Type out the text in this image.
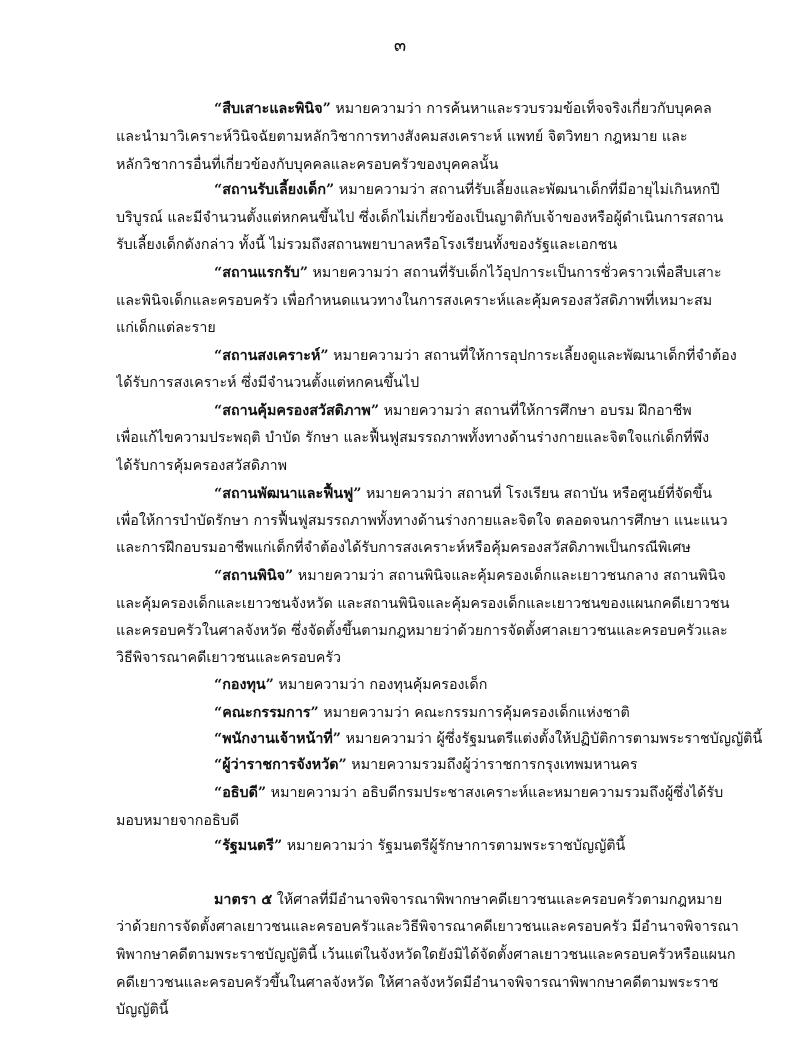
๓
“สืบเสาะและพินิจ” หมายความว่า การค้นหาและรวบรวมข้อเท็จจริงเกี่ยวกับบุคคล
และนำมาวิเคราะห์วินิจฉัยตามหลักวิชาการทางสังคมสงเคราะห์ แพทย์ จิตวิทยา กฎหมาย และ
หลักวิชาการอื่นที่เกี่ยวข้องกับบุคคลและครอบครัวของบุคคลนั้น
“สถานรับเลี้ยงเด็ก” หมายความว่า สถานที่รับเลี้ยงและพัฒนาเด็กที่มีอายุไม่เกินหกปี
บริบูรณ์ และมีจำนวนตั้งแต่หกคนขึ้นไป ซึ่งเด็กไม่เกี่ยวข้องเป็นญาติกับเจ้าของหรือผู้ดำเนินการสถาน
รับเลี้ยงเด็กดังกล่าว ทั้งนี้ ไม่รวมถึงสถานพยาบาลหรือโรงเรียนทั้งของรัฐและเอกชน
“สถานแรกรับ” หมายความว่า สถานที่รับเด็กไว้อุปการะเป็นการชั่วคราวเพื่อสืบเสาะ
และพินิจเด็กและครอบครัว เพื่อกำหนดแนวทางในการสงเคราะห์และคุ้มครองสวัสดิภาพที่เหมาะสม
แก่เด็กแต่ละราย
“สถานสงเคราะห์” หมายความว่า สถานที่ให้การอุปการะเลี้ยงดูและพัฒนาเด็กที่จำต้อง
ได้รับการสงเคราะห์ ซึ่งมีจำนวนตั้งแต่หกคนขึ้นไป
“สถานคุ้มครองสวัสดิภาพ” หมายความว่า สถานที่ให้การศึกษา อบรม ฝึกอาชีพ
เพื่อแก้ไขความประพฤติ บำบัด รักษา และฟื้นฟูสมรรถภาพทั้งทางด้านร่างกายและจิตใจแก่เด็กที่พึง
ได้รับการคุ้มครองสวัสดิภาพ
“สถานพัฒนาและฟื้นฟู” หมายความว่า สถานที่ โรงเรียน สถาบัน หรือศูนย์ที่จัดขึ้น
เพื่อให้การบำบัดรักษา การฟื้นฟูสมรรถภาพทั้งทางด้านร่างกายและจิตใจ ตลอดจนการศึกษา แนะแนว
และการฝึกอบรมอาชีพแก่เด็กที่จำต้องได้รับการสงเคราะห์หรือคุ้มครองสวัสดิภาพเป็นกรณีพิเศษ
“สถานพินิจ” หมายความว่า สถานพินิจและคุ้มครองเด็กและเยาวชนกลาง สถานพินิจ
และคุ้มครองเด็กและเยาวชนจังหวัด และสถานพินิจและคุ้มครองเด็กและเยาวชนของแผนกคดีเยาวชน
และครอบครัวในศาลจังหวัด ซึ่งจัดตั้งขึ้นตามกฎหมายว่าด้วยการจัดตั้งศาลเยาวชนและครอบครัวและ
วิธีพิจารณาคดีเยาวชนและครอบครัว
“กองทุน” หมายความว่า กองทุนคุ้มครองเด็ก
“คณะกรรมการ” หมายความว่า คณะกรรมการคุ้มครองเด็กแห่งชาติ
“พนักงานเจ้าหน้าที่” หมายความว่า ผู้ซึ่งรัฐมนตรีแต่งตั้งให้ปฏิบัติการตามพระราชบัญญัตินี้
“ผู้ว่าราชการจังหวัด” หมายความรวมถึงผู้ว่าราชการกรุงเทพมหานคร
“อธิบดี” หมายความว่า อธิบดีกรมประชาสงเคราะห์และหมายความรวมถึงผู้ซึ่งได้รับ
มอบหมายจากอธิบดี
“รัฐมนตรี” หมายความว่า รัฐมนตรีผู้รักษาการตามพระราชบัญญัตินี้
มาตรา ๕ ให้ศาลที่มีอำนาจพิจารณาพิพากษาคดีเยาวชนและครอบครัวตามกฎหมาย
ว่าด้วยการจัดตั้งศาลเยาวชนและครอบครัวและวิธีพิจารณาคดีเยาวชนและครอบครัว มีอำนาจพิจารณา
พิพากษาคดีตามพระราชบัญญัตินี้ เว้นแต่ในจังหวัดใดยังมิได้จัดตั้งศาลเยาวชนและครอบครัวหรือแผนก
คดีเยาวชนและครอบครัวขึ้นในศาลจังหวัด ให้ศาลจังหวัดมีอำนาจพิจารณาพิพากษาคดีตามพระราช
บัญญัตินี้
